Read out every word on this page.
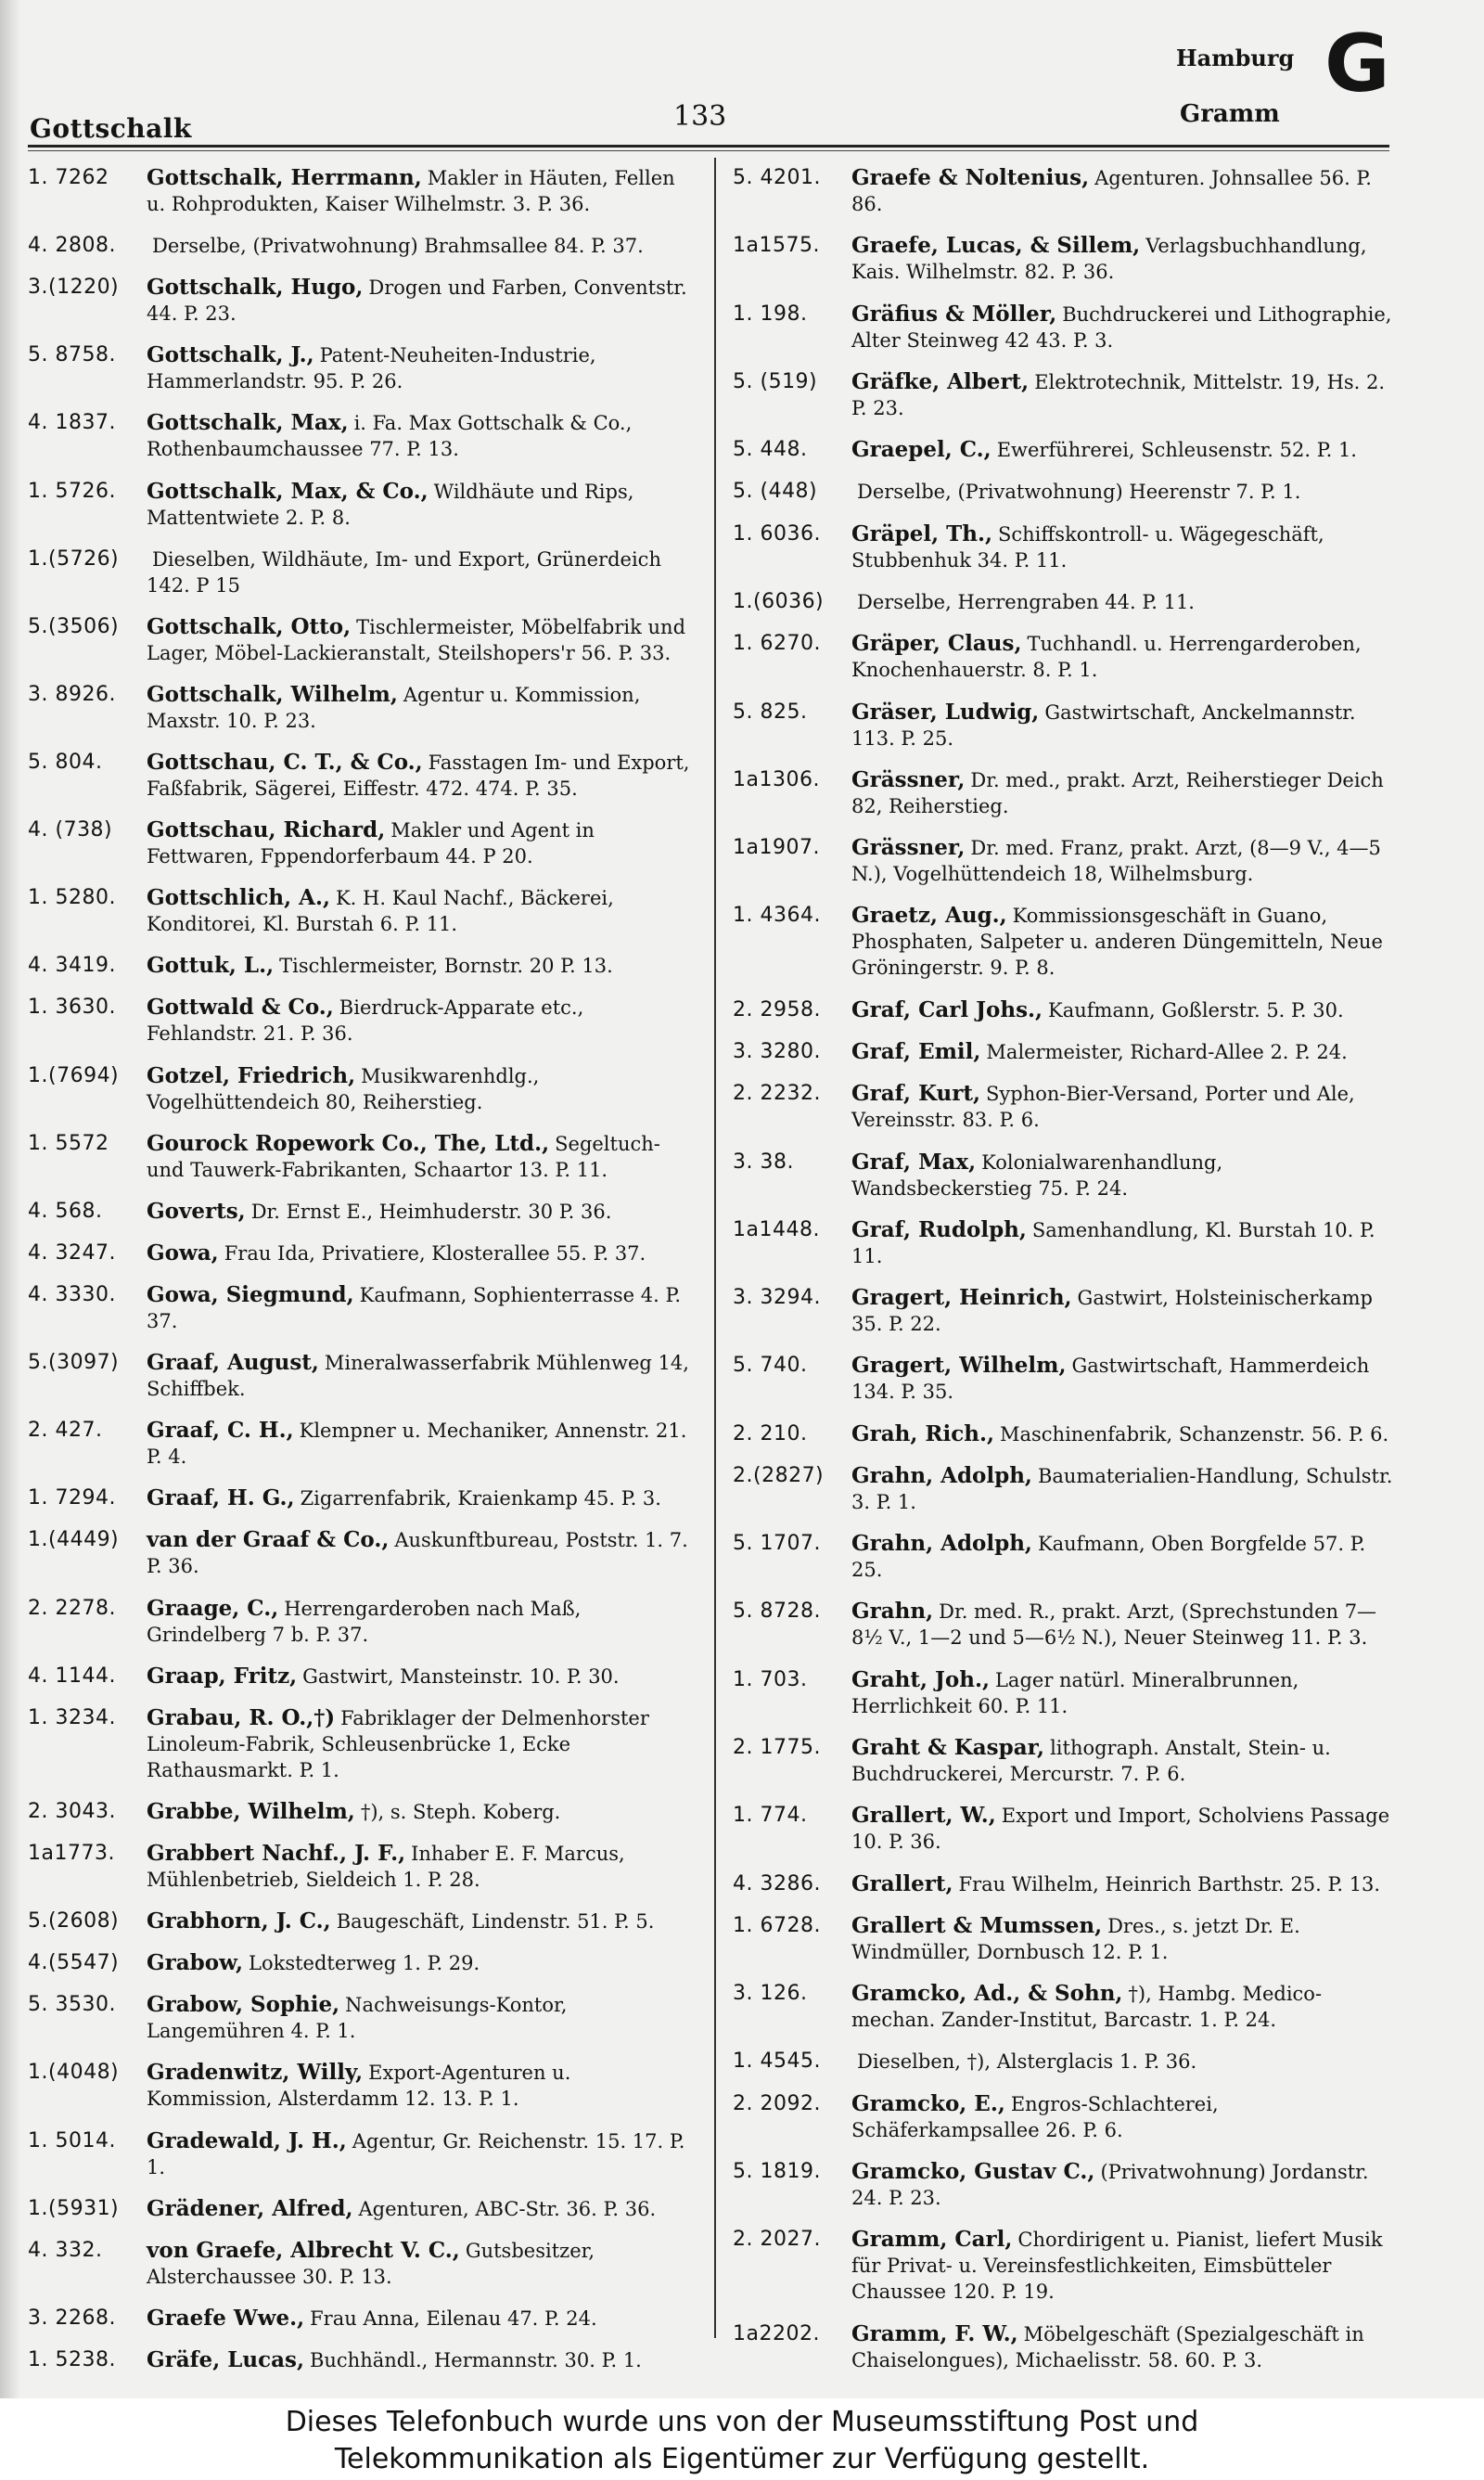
Gottschalk	133
Hamburg
Gramm
G
1. 7262	Gottschalk, Herrmann, Makler in Häuten, Fellen u. Rohprodukten, Kaiser Wilhelmstr. 3. P. 36.
4. 2808.	Derselbe, (Privatwohnung) Brahmsallee 84. P. 37.
3.(1220)	Gottschalk, Hugo, Drogen und Farben, Conventstr. 44. P. 23.
5. 8758.	Gottschalk, J., Patent-Neuheiten-Industrie, Hammerlandstr. 95. P. 26.
4. 1837.	Gottschalk, Max, i. Fa. Max Gottschalk & Co., Rothenbaumchaussee 77. P. 13.
1. 5726.	Gottschalk, Max, & Co., Wildhäute und Rips, Mattentwiete 2. P. 8.
1.(5726)	Dieselben, Wildhäute, Im- und Export, Grünerdeich 142. P 15
5.(3506)	Gottschalk, Otto, Tischlermeister, Möbelfabrik und Lager, Möbel-Lackieranstalt, Steilshopers'r 56. P. 33.
3. 8926.	Gottschalk, Wilhelm, Agentur u. Kommission, Maxstr. 10. P. 23.
5. 804.	Gottschau, C. T., & Co., Fasstagen Im- und Export, Faßfabrik, Sägerei, Eiffestr. 472. 474. P. 35.
4. (738)	Gottschau, Richard, Makler und Agent in Fettwaren, Fppendorferbaum 44. P 20.
1. 5280.	Gottschlich, A., K. H. Kaul Nachf., Bäckerei, Konditorei, Kl. Burstah 6. P. 11.
4. 3419.	Gottuk, L., Tischlermeister, Bornstr. 20 P. 13.
1. 3630.	Gottwald & Co., Bierdruck-Apparate etc., Fehlandstr. 21. P. 36.
1.(7694)	Gotzel, Friedrich, Musikwarenhdlg., Vogelhüttendeich 80, Reiherstieg.
1. 5572	Gourock Ropework Co., The, Ltd., Segeltuch- und Tauwerk-Fabrikanten, Schaartor 13. P. 11.
4. 568.	Goverts, Dr. Ernst E., Heimhuderstr. 30 P. 36.
4. 3247.	Gowa, Frau Ida, Privatiere, Klosterallee 55. P. 37.
4. 3330.	Gowa, Siegmund, Kaufmann, Sophienterrasse 4. P. 37.
5.(3097)	Graaf, August, Mineralwasserfabrik Mühlenweg 14, Schiffbek.
2. 427.	Graaf, C. H., Klempner u. Mechaniker, Annenstr. 21. P. 4.
1. 7294.	Graaf, H. G., Zigarrenfabrik, Kraienkamp 45. P. 3.
1.(4449)	van der Graaf & Co., Auskunftbureau, Poststr. 1. 7. P. 36.
2. 2278.	Graage, C., Herrengarderoben nach Maß, Grindelberg 7 b. P. 37.
4. 1144.	Graap, Fritz, Gastwirt, Mansteinstr. 10. P. 30.
1. 3234.	Grabau, R. O.,†) Fabriklager der Delmenhorster Linoleum-Fabrik, Schleusenbrücke 1, Ecke Rathausmarkt. P. 1.
2. 3043.	Grabbe, Wilhelm, †), s. Steph. Koberg.
1a1773.	Grabbert Nachf., J. F., Inhaber E. F. Marcus, Mühlenbetrieb, Sieldeich 1. P. 28.
5.(2608)	Grabhorn, J. C., Baugeschäft, Lindenstr. 51. P. 5.
4.(5547)	Grabow, Lokstedterweg 1. P. 29.
5. 3530.	Grabow, Sophie, Nachweisungs-Kontor, Langemühren 4. P. 1.
1.(4048)	Gradenwitz, Willy, Export-Agenturen u. Kommission, Alsterdamm 12. 13. P. 1.
1. 5014.	Gradewald, J. H., Agentur, Gr. Reichenstr. 15. 17. P. 1.
1.(5931)	Grädener, Alfred, Agenturen, ABC-Str. 36. P. 36.
4. 332.	von Graefe, Albrecht V. C., Gutsbesitzer, Alsterchaussee 30. P. 13.
3. 2268.	Graefe Wwe., Frau Anna, Eilenau 47. P. 24.
1. 5238.	Gräfe, Lucas, Buchhändl., Hermannstr. 30. P. 1.
5. 4201.	Graefe & Noltenius, Agenturen. Johnsallee 56. P. 86.
1a1575.	Graefe, Lucas, & Sillem, Verlagsbuchhandlung, Kais. Wilhelmstr. 82. P. 36.
1. 198.	Gräfius & Möller, Buchdruckerei und Lithographie, Alter Steinweg 42 43. P. 3.
5. (519)	Gräfke, Albert, Elektrotechnik, Mittelstr. 19, Hs. 2. P. 23.
5. 448.	Graepel, C., Ewerführerei, Schleusenstr. 52. P. 1.
5. (448)	Derselbe, (Privatwohnung) Heerenstr 7. P. 1.
1. 6036.	Gräpel, Th., Schiffskontroll- u. Wägegeschäft, Stubbenhuk 34. P. 11.
1.(6036)	Derselbe, Herrengraben 44. P. 11.
1. 6270.	Gräper, Claus, Tuchhandl. u. Herrengarderoben, Knochenhauerstr. 8. P. 1.
5. 825.	Gräser, Ludwig, Gastwirtschaft, Anckelmannstr. 113. P. 25.
1a1306.	Grässner, Dr. med., prakt. Arzt, Reiherstieger Deich 82, Reiherstieg.
1a1907.	Grässner, Dr. med. Franz, prakt. Arzt, (8—9 V., 4—5 N.), Vogelhüttendeich 18, Wilhelmsburg.
1. 4364.	Graetz, Aug., Kommissionsgeschäft in Guano, Phosphaten, Salpeter u. anderen Düngemitteln, Neue Gröningerstr. 9. P. 8.
2. 2958.	Graf, Carl Johs., Kaufmann, Goßlerstr. 5. P. 30.
3. 3280.	Graf, Emil, Malermeister, Richard-Allee 2. P. 24.
2. 2232.	Graf, Kurt, Syphon-Bier-Versand, Porter und Ale, Vereinsstr. 83. P. 6.
3. 38.	Graf, Max, Kolonialwarenhandlung, Wandsbeckerstieg 75. P. 24.
1a1448.	Graf, Rudolph, Samenhandlung, Kl. Burstah 10. P. 11.
3. 3294.	Gragert, Heinrich, Gastwirt, Holsteinischerkamp 35. P. 22.
5. 740.	Gragert, Wilhelm, Gastwirtschaft, Hammerdeich 134. P. 35.
2. 210.	Grah, Rich., Maschinenfabrik, Schanzenstr. 56. P. 6.
2.(2827)	Grahn, Adolph, Baumaterialien-Handlung, Schulstr. 3. P. 1.
5. 1707.	Grahn, Adolph, Kaufmann, Oben Borgfelde 57. P. 25.
5. 8728.	Grahn, Dr. med. R., prakt. Arzt, (Sprechstunden 7—8½ V., 1—2 und 5—6½ N.), Neuer Steinweg 11. P. 3.
1. 703.	Graht, Joh., Lager natürl. Mineralbrunnen, Herrlichkeit 60. P. 11.
2. 1775.	Graht & Kaspar, lithograph. Anstalt, Stein- u. Buchdruckerei, Mercurstr. 7. P. 6.
1. 774.	Grallert, W., Export und Import, Scholviens Passage 10. P. 36.
4. 3286.	Grallert, Frau Wilhelm, Heinrich Barthstr. 25. P. 13.
1. 6728.	Grallert & Mumssen, Dres., s. jetzt Dr. E. Windmüller, Dornbusch 12. P. 1.
3. 126.	Gramcko, Ad., & Sohn, †), Hambg. Medico-mechan. Zander-Institut, Barcastr. 1. P. 24.
1. 4545.	Dieselben, †), Alsterglacis 1. P. 36.
2. 2092.	Gramcko, E., Engros-Schlachterei, Schäferkampsallee 26. P. 6.
5. 1819.	Gramcko, Gustav C., (Privatwohnung) Jordanstr. 24. P. 23.
2. 2027.	Gramm, Carl, Chordirigent u. Pianist, liefert Musik für Privat- u. Vereinsfestlichkeiten, Eimsbütteler Chaussee 120. P. 19.
1a2202.	Gramm, F. W., Möbelgeschäft (Spezialgeschäft in Chaiselongues), Michaelisstr. 58. 60. P. 3.
Dieses Telefonbuch wurde uns von der Museumsstiftung Post und
Telekommunikation als Eigentümer zur Verfügung gestellt.
